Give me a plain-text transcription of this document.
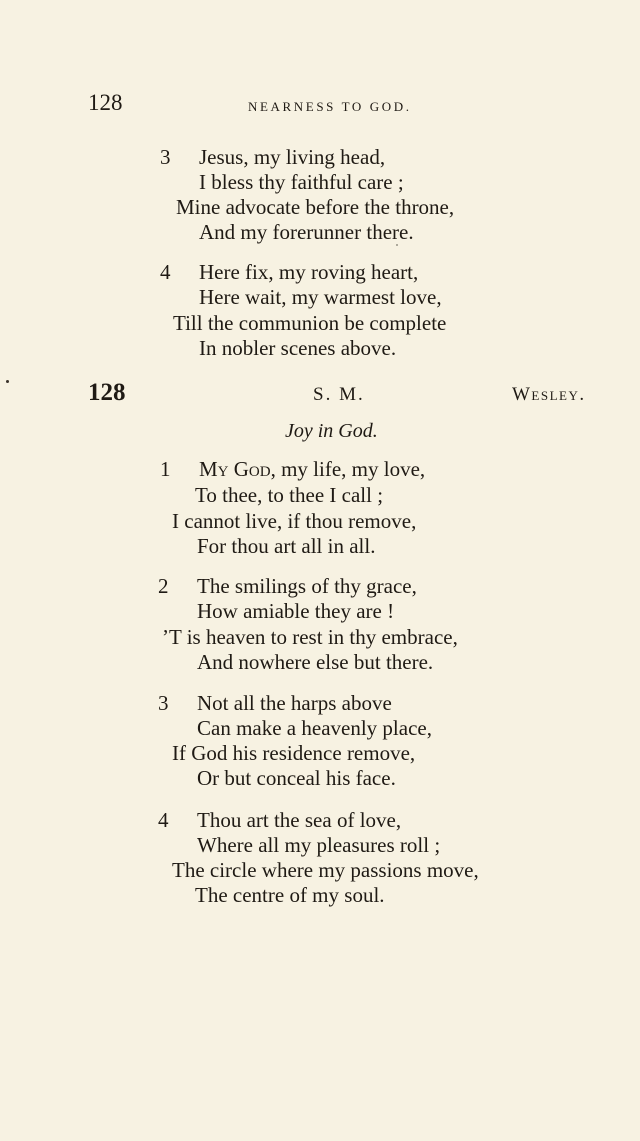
128	NEARNESS TO GOD.
3 Jesus, my living head,
I bless thy faithful care ;
Mine advocate before the throne,
And my forerunner there.
4 Here fix, my roving heart,
Here wait, my warmest love,
Till the communion be complete
In nobler scenes above.
128	S. M.	Wesley.
Joy in God.
1 My God, my life, my love,
To thee, to thee I call ;
I cannot live, if thou remove,
For thou art all in all.
2 The smilings of thy grace,
How amiable they are !
’T is heaven to rest in thy embrace,
And nowhere else but there.
3 Not all the harps above
Can make a heavenly place,
If God his residence remove,
Or but conceal his face.
4 Thou art the sea of love,
Where all my pleasures roll ;
The circle where my passions move,
The centre of my soul.
